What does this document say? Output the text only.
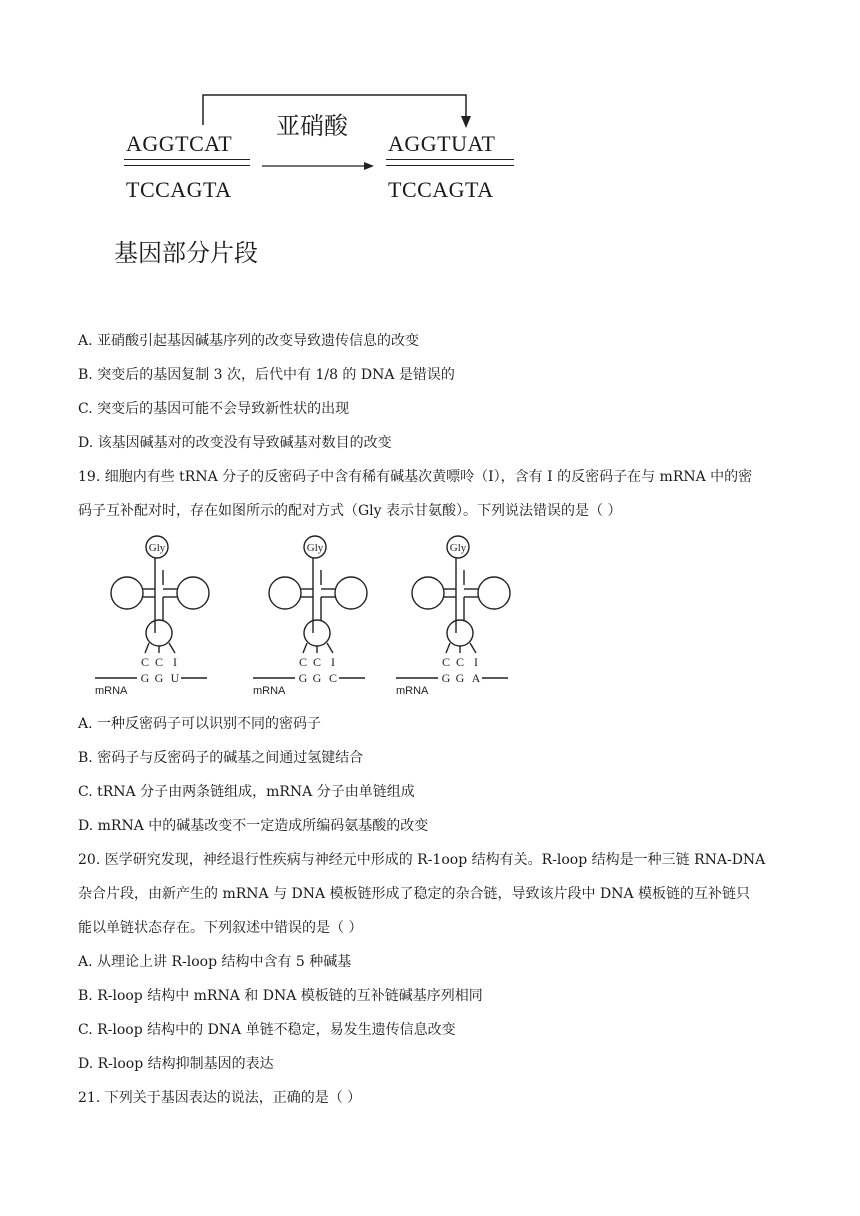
亚硝酸
AGGTCAT
TCCAGTA
AGGTUAT
TCCAGTA
基因部分片段
A. 亚硝酸引起基因碱基序列的改变导致遗传信息的改变
B. 突变后的基因复制 3 次，后代中有 1/8 的 DNA 是错误的
C. 突变后的基因可能不会导致新性状的出现
D. 该基因碱基对的改变没有导致碱基对数目的改变
19. 细胞内有些 tRNA 分子的反密码子中含有稀有碱基次黄嘌呤（I），含有 I 的反密码子在与 mRNA 中的密
码子互补配对时，存在如图所示的配对方式（Gly 表示甘氨酸）。下列说法错误的是（ ）
Gly
C C I
G G U
mRNA
Gly
C C I
G G C
mRNA
Gly
C C I
G G A
mRNA
A. 一种反密码子可以识别不同的密码子
B. 密码子与反密码子的碱基之间通过氢键结合
C. tRNA 分子由两条链组成，mRNA 分子由单链组成
D. mRNA 中的碱基改变不一定造成所编码氨基酸的改变
20. 医学研究发现，神经退行性疾病与神经元中形成的 R-1oop 结构有关。R-loop 结构是一种三链 RNA-DNA
杂合片段，由新产生的 mRNA 与 DNA 模板链形成了稳定的杂合链，导致该片段中 DNA 模板链的互补链只
能以单链状态存在。下列叙述中错误的是（ ）
A. 从理论上讲 R-loop 结构中含有 5 种碱基
B. R-loop 结构中 mRNA 和 DNA 模板链的互补链碱基序列相同
C. R-loop 结构中的 DNA 单链不稳定，易发生遗传信息改变
D. R-loop 结构抑制基因的表达
21. 下列关于基因表达的说法，正确的是（ ）
